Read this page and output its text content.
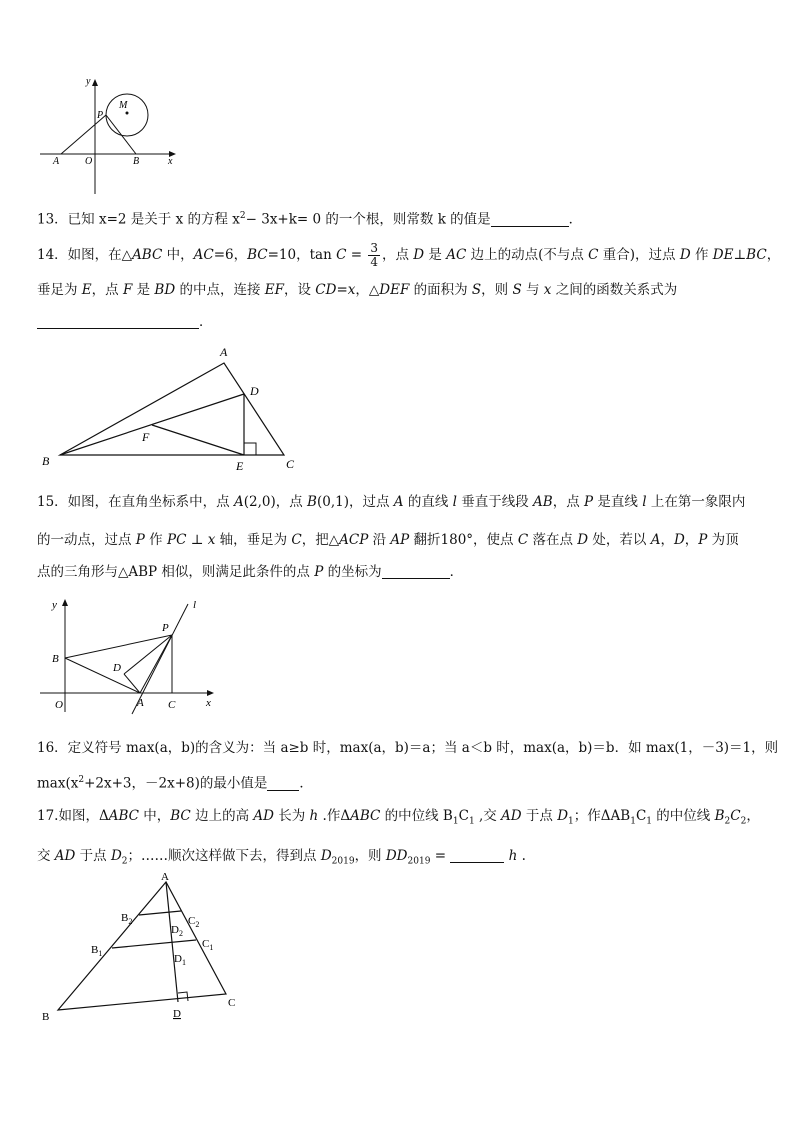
y
x
M
P
A	O	B
13．已知 x=2 是关于 x 的方程 $x^2- 3x+k= 0$ 的一个根，则常数 k 的值是	．
14．如图，在△ABC 中，AC=6，BC=10，$\tan C = \frac{3}{4}$ ，点 D 是 AC 边上的动点(不与点 C 重合)，过点 D 作 DE⊥BC，
垂足为 E，点 F 是 BD 的中点，连接 EF，设 CD=x，△DEF 的面积为 S，则 S 与 x 之间的函数关系式为
．
A
D
F
B	E	C
15．如图，在直角坐标系中，点 A(2,0)，点 B(0,1)，过点 A 的直线 l 垂直于线段 AB，点 P 是直线 l 上在第一象限内
的一动点，过点 P 作 PC ⊥ x 轴，垂足为 C，把△ACP 沿 AP 翻折180°，使点 C 落在点 D 处，若以 A，D，P 为顶
点的三角形与△ABP 相似，则满足此条件的点 P 的坐标为	．
y	l
P
B
D
O	A C	x
16．定义符号 max(a，b)的含义为：当 a≥b 时，max(a，b)＝a；当 a＜b 时，max(a，b)＝b．如 max(1，－3)＝1，则
$\max(x^2+2x+3$，－2x+8)的最小值是 ．
17.如图，ΔABC 中，BC 边上的高 AD 长为 h .作ΔABC 的中位线 $B_1C_1$ ,交 AD 于点 $D_1$；作$\Delta AB_1C_1$ 的中位线 $B_2C_2$，
交 AD 于点 $D_2$；……顺次这样做下去，得到点 $D_{2019}$，则 $DD_{2019}$ =	h .
A
$B_2$	$C_2$
$D_2$
$B_1$
$C_1$
$D_1$
B	D
C
